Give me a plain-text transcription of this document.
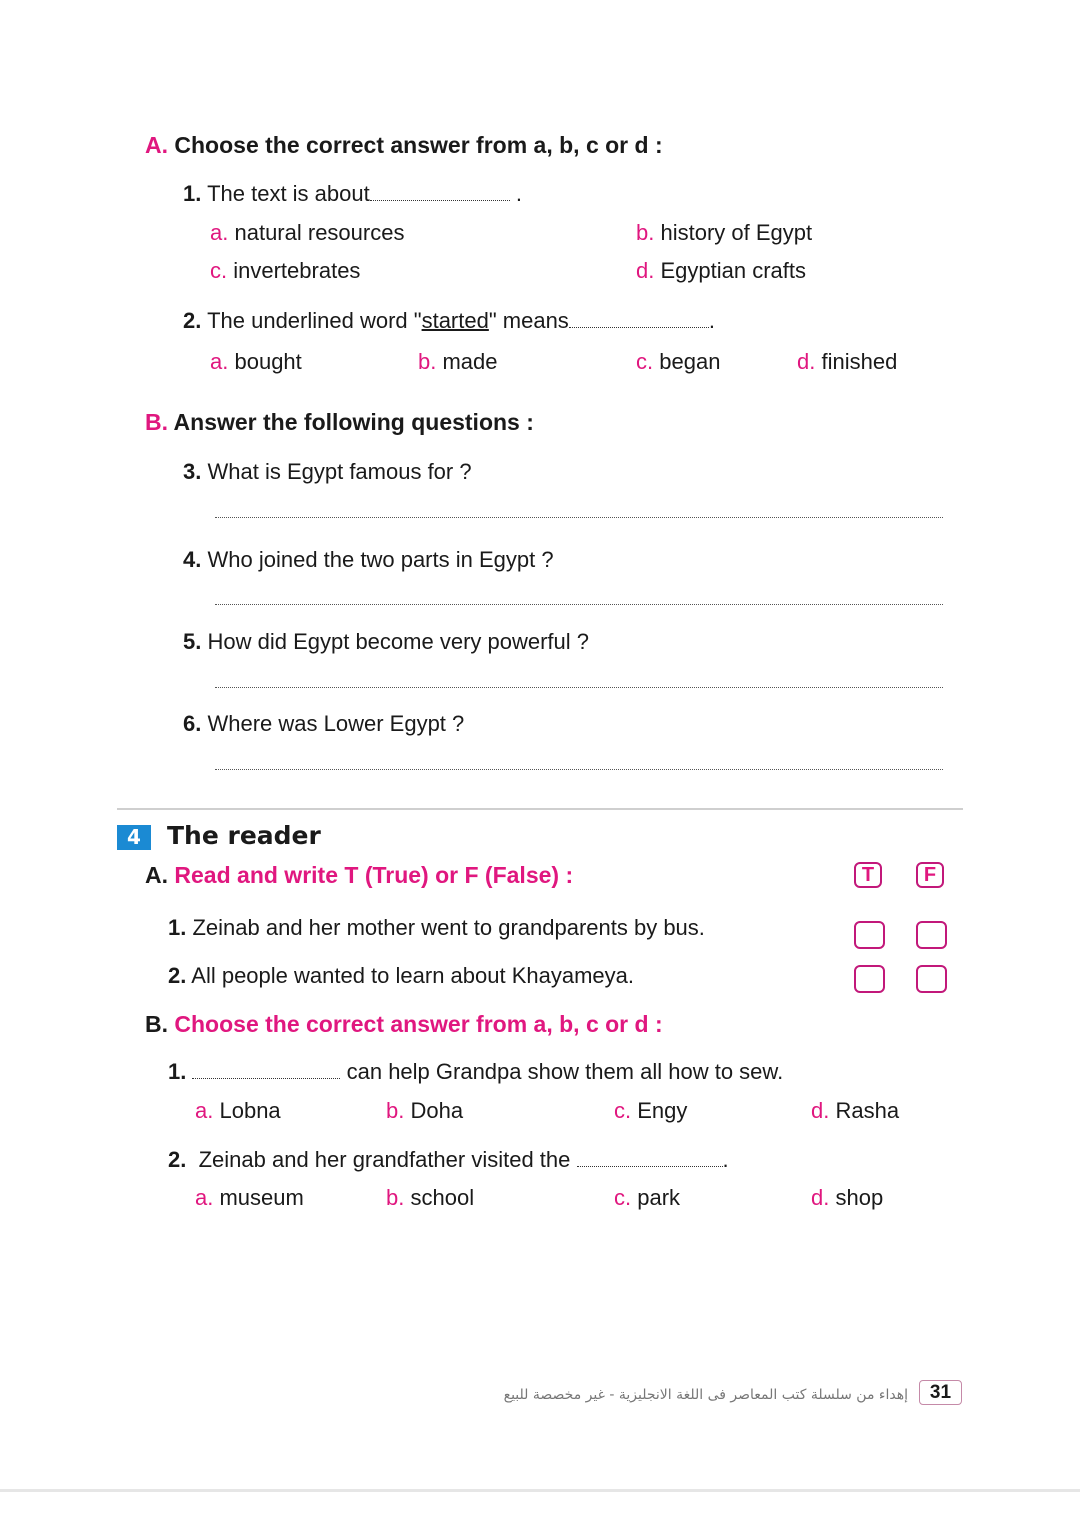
A. Choose the correct answer from a, b, c or d :
1. The text is about	.
a. natural resources	b. history of Egypt
c. invertebrates	d. Egyptian crafts
2. The underlined word "started" means	.
a. bought	b. made	c. began	d. finished
B. Answer the following questions :
3. What is Egypt famous for ?
4. Who joined the two parts in Egypt ?
5. How did Egypt become very powerful ?
6. Where was Lower Egypt ?
4	The reader
A. Read and write T (True) or F (False) :	T	F
1. Zeinab and her mother went to grandparents by bus.
2. All people wanted to learn about Khayameya.
B. Choose the correct answer from a, b, c or d :
1.	can help Grandpa show them all how to sew.
a. Lobna	b. Doha	c. Engy	d. Rasha
2. Zeinab and her grandfather visited the	.
a. museum	b. school	c. park	d. shop
إهداء من سلسلة كتب المعاصر فى اللغة الانجليزية - غير مخصصة للبيع	31
